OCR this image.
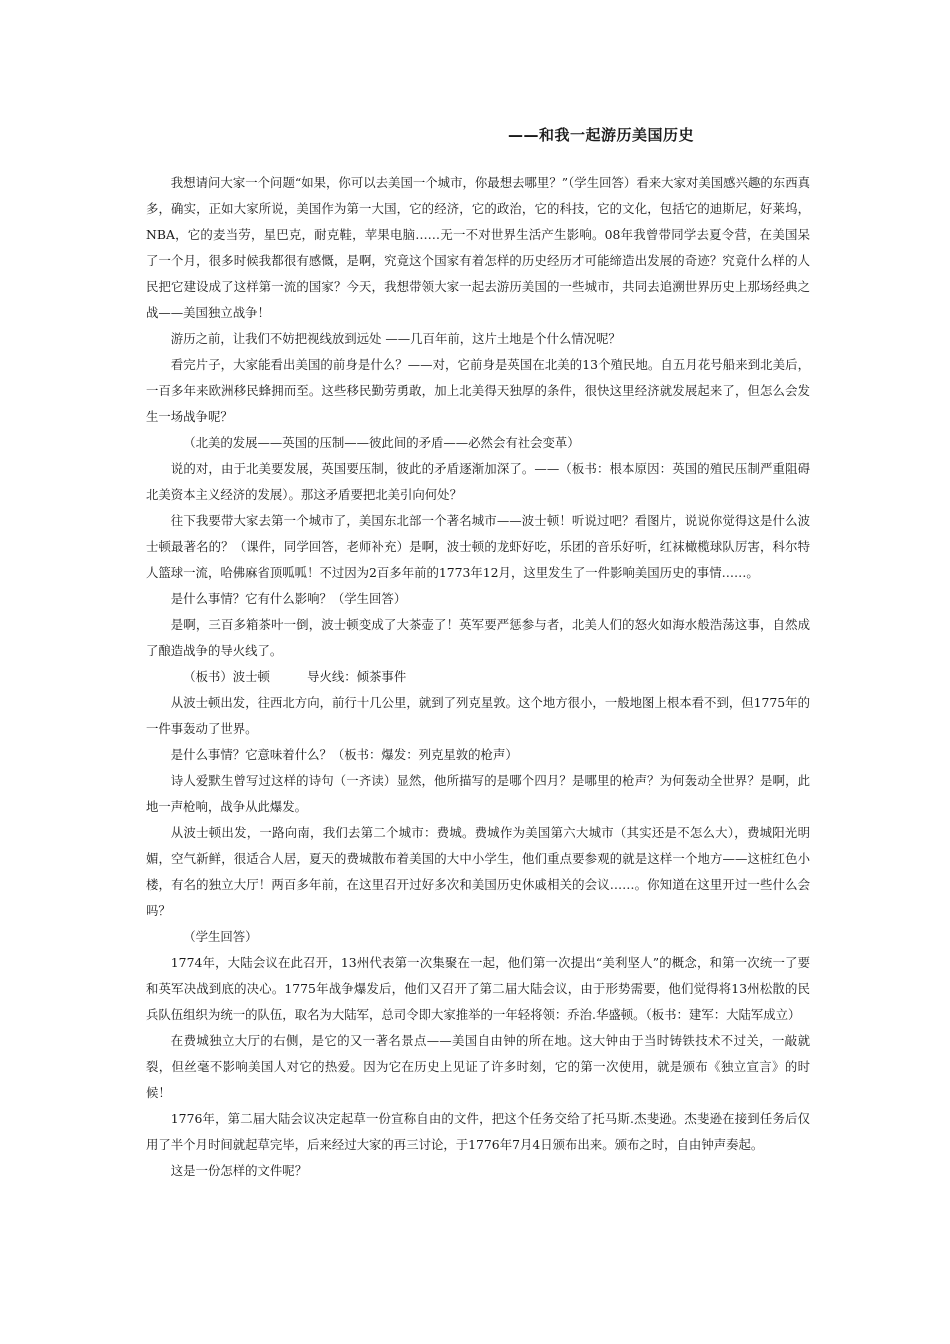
——和我一起游历美国历史

我想请问大家一个问题“如果，你可以去美国一个城市，你最想去哪里？”（学生回答）看来大家对美国感兴趣的东西真多，确实，正如大家所说，美国作为第一大国，它的经济，它的政治，它的科技，它的文化，包括它的迪斯尼，好莱坞，NBA，它的麦当劳，星巴克，耐克鞋，苹果电脑……无一不对世界生活产生影响。08年我曾带同学去夏令营，在美国呆了一个月，很多时候我都很有感慨，是啊，究竟这个国家有着怎样的历史经历才可能缔造出发展的奇迹？究竟什么样的人民把它建设成了这样第一流的国家？今天，我想带领大家一起去游历美国的一些城市，共同去追溯世界历史上那场经典之战——美国独立战争！

游历之前，让我们不妨把视线放到远处 ——几百年前，这片土地是个什么情况呢？

看完片子，大家能看出美国的前身是什么？——对，它前身是英国在北美的13个殖民地。自五月花号船来到北美后，一百多年来欧洲移民蜂拥而至。这些移民勤劳勇敢，加上北美得天独厚的条件，很快这里经济就发展起来了，但怎么会发生一场战争呢？

（北美的发展——英国的压制——彼此间的矛盾——必然会有社会变革）

说的对，由于北美要发展，英国要压制，彼此的矛盾逐渐加深了。——（板书：根本原因：英国的殖民压制严重阻碍北美资本主义经济的发展）。那这矛盾要把北美引向何处？

往下我要带大家去第一个城市了，美国东北部一个著名城市——波士顿！听说过吧？看图片，说说你觉得这是什么波士顿最著名的？（课件，同学回答，老师补充）是啊，波士顿的龙虾好吃，乐团的音乐好听，红袜橄榄球队厉害，科尔特人篮球一流，哈佛麻省顶呱呱！不过因为2百多年前的1773年12月，这里发生了一件影响美国历史的事情……。

是什么事情？它有什么影响？（学生回答）

是啊，三百多箱茶叶一倒，波士顿变成了大茶壶了！英军要严惩参与者，北美人们的怒火如海水般浩荡这事，自然成了酿造战争的导火线了。

（板书）波士顿　　　导火线：倾茶事件

从波士顿出发，往西北方向，前行十几公里，就到了列克星敦。这个地方很小，一般地图上根本看不到，但1775年的一件事轰动了世界。

是什么事情？它意味着什么？（板书：爆发：列克星敦的枪声）

诗人爱默生曾写过这样的诗句（一齐读）显然，他所描写的是哪个四月？是哪里的枪声？为何轰动全世界？是啊，此地一声枪响，战争从此爆发。

从波士顿出发，一路向南，我们去第二个城市：费城。费城作为美国第六大城市（其实还是不怎么大），费城阳光明媚，空气新鲜，很适合人居，夏天的费城散布着美国的大中小学生，他们重点要参观的就是这样一个地方——这桩红色小楼，有名的独立大厅！两百多年前，在这里召开过好多次和美国历史休戚相关的会议……。你知道在这里开过一些什么会吗？

（学生回答）

1774年，大陆会议在此召开，13州代表第一次集聚在一起，他们第一次提出“美利坚人”的概念，和第一次统一了要和英军决战到底的决心。1775年战争爆发后，他们又召开了第二届大陆会议，由于形势需要，他们觉得将13州松散的民兵队伍组织为统一的队伍，取名为大陆军，总司令即大家推举的一年轻将领：乔治.华盛顿。（板书：建军：大陆军成立）

在费城独立大厅的右侧，是它的又一著名景点——美国自由钟的所在地。这大钟由于当时铸铁技术不过关，一敲就裂，但丝毫不影响美国人对它的热爱。因为它在历史上见证了许多时刻，它的第一次使用，就是颁布《独立宣言》的时候！

1776年，第二届大陆会议决定起草一份宣称自由的文件，把这个任务交给了托马斯.杰斐逊。杰斐逊在接到任务后仅用了半个月时间就起草完毕，后来经过大家的再三讨论，于1776年7月4日颁布出来。颁布之时，自由钟声奏起。

这是一份怎样的文件呢？
